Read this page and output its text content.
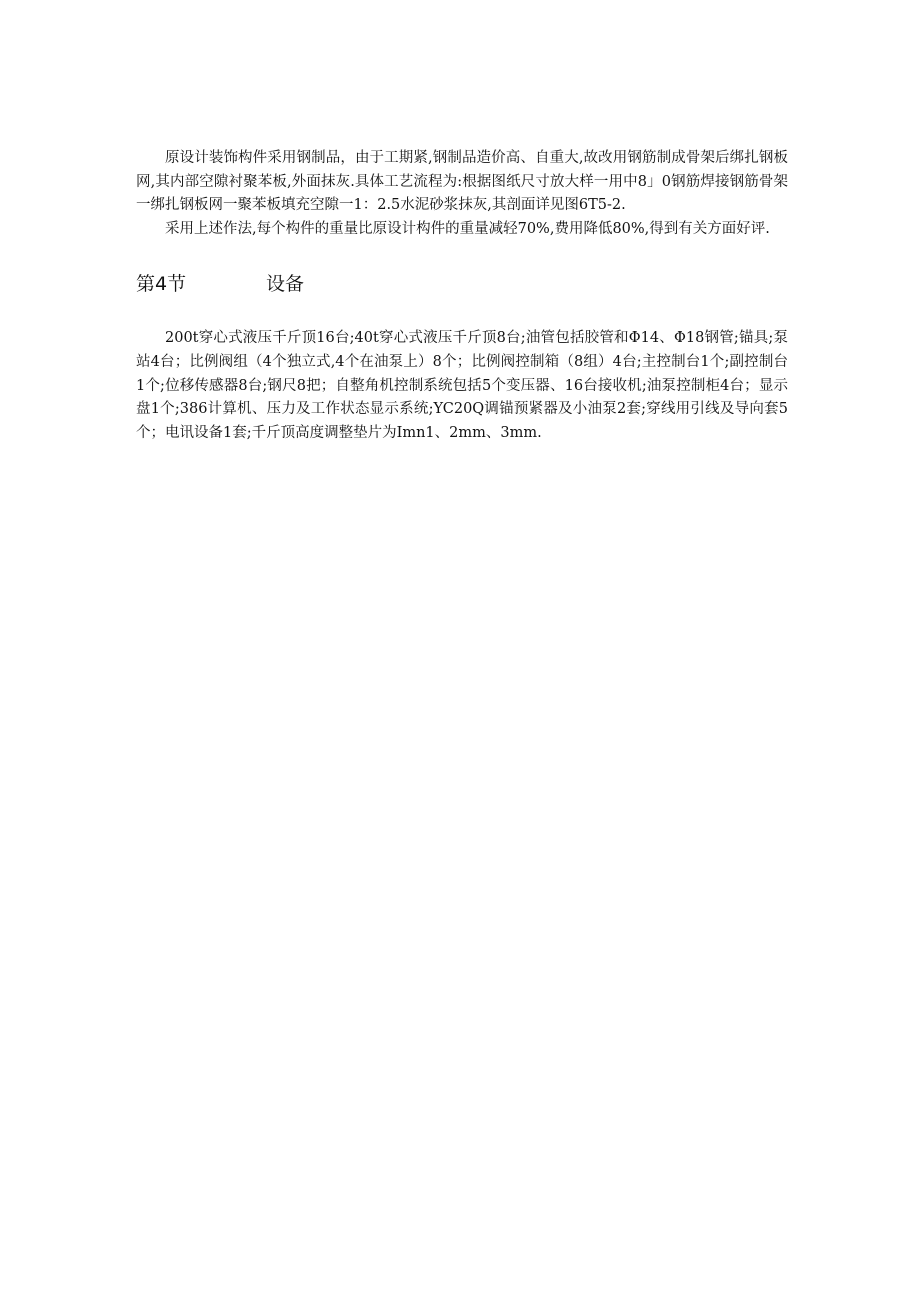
原设计装饰构件采用钢制品，由于工期紧,钢制品造价高、自重大,故改用钢筋制成骨架后绑扎钢板网,其内部空隙衬聚苯板,外面抹灰.具体工艺流程为:根据图纸尺寸放大样一用中8」0钢筋焊接钢筋骨架一绑扎钢板网一聚苯板填充空隙一1：2.5水泥砂浆抹灰,其剖面详见图6T5-2.

采用上述作法,每个构件的重量比原设计构件的重量减轻70%,费用降低80%,得到有关方面好评.

第4节	设备

200t穿心式液压千斤顶16台;40t穿心式液压千斤顶8台;油管包括胶管和Φ14、Φ18钢管;锚具;泵站4台；比例阀组（4个独立式,4个在油泵上）8个；比例阀控制箱（8组）4台;主控制台1个;副控制台1个;位移传感器8台;钢尺8把；自整角机控制系统包括5个变压器、16台接收机;油泵控制柜4台；显示盘1个;386计算机、压力及工作状态显示系统;YC20Q调锚预紧器及小油泵2套;穿线用引线及导向套5个；电讯设备1套;千斤顶高度调整垫片为Imn1、2mm、3mm.
